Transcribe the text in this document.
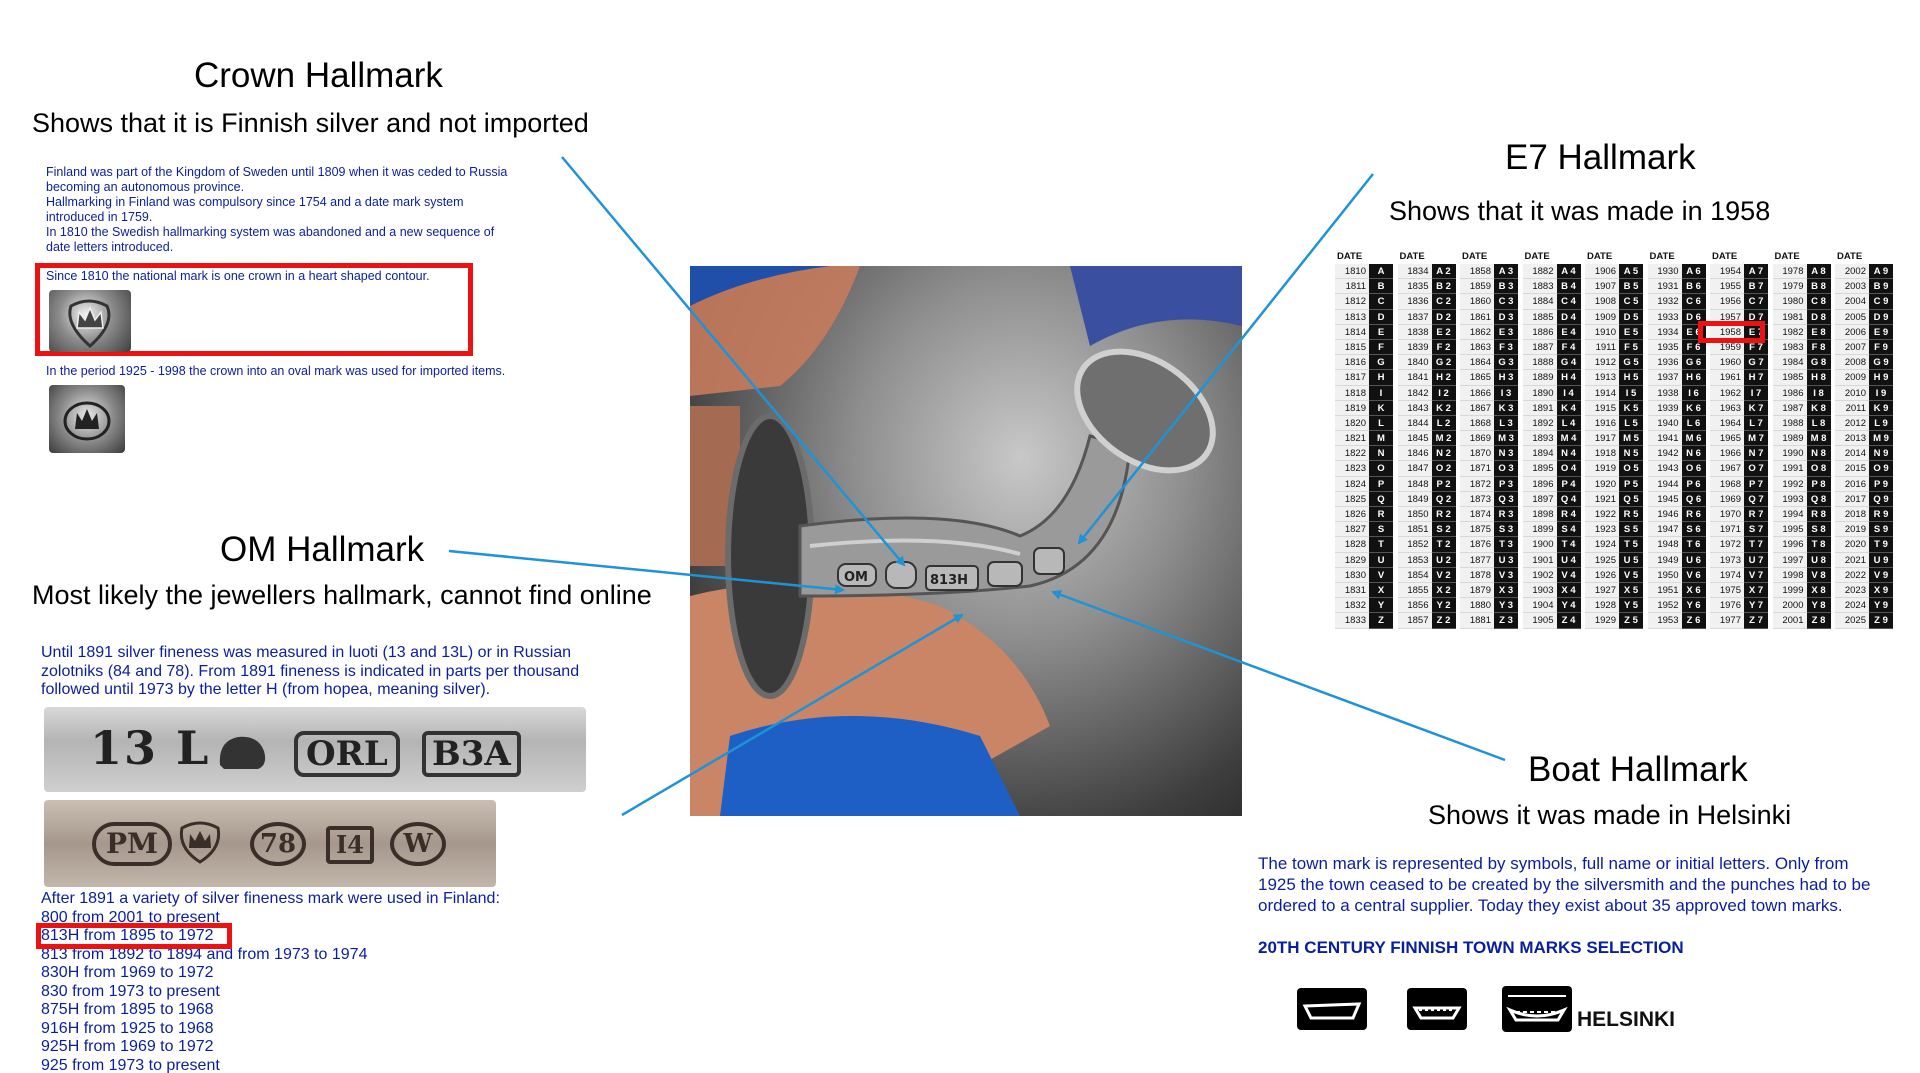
Crown Hallmark
Shows that it is Finnish silver and not imported
Finland was part of the Kingdom of Sweden until 1809 when it was ceded to Russia
becoming an autonomous province.
Hallmarking in Finland was compulsory since 1754 and a date mark system
introduced in 1759.
In 1810 the Swedish hallmarking system was abandoned and a new sequence of
date letters introduced.
Since 1810 the national mark is one crown in a heart shaped contour.
In the period 1925 - 1998 the crown into an oval mark was used for imported items.
OM Hallmark
Most likely the jewellers hallmark, cannot find online
Until 1891 silver fineness was measured in luoti (13 and 13L) or in Russian
zolotniks (84 and 78). From 1891 fineness is indicated in parts per thousand
followed until 1973 by the letter H (from hopea, meaning silver).
13 L	ORL	B3A
PM	78	I4	W
After 1891 a variety of silver fineness mark were used in Finland:
800 from 2001 to present
813H from 1895 to 1972
813 from 1892 to 1894 and from 1973 to 1974
830H from 1969 to 1972
830 from 1973 to present
875H from 1895 to 1968
916H from 1925 to 1968
925H from 1969 to 1972
925 from 1973 to present
OM	813H
E7 Hallmark
Shows that it was made in 1958
DATE
1810	A
1811	B
1812	C
1813	D
1814	E
1815	F
1816	G
1817	H
1818	I
1819	K
1820	L
1821	M
1822	N
1823	O
1824	P
1825	Q
1826	R
1827	S
1828	T
1829	U
1830	V
1831	X
1832	Y
1833	Z
DATE
1834 A 2
1835 B 2
1836 C 2
1837 D 2
1838 E 2
1839 F 2
1840 G 2
1841 H 2
1842	I 2
1843 K 2
1844 L 2
1845 M 2
1846 N 2
1847 O 2
1848 P 2
1849 Q 2
1850 R 2
1851 S 2
1852 T 2
1853 U 2
1854 V 2
1855 X 2
1856 Y 2
1857 Z 2
DATE
1858 A 3
1859 B 3
1860 C 3
1861 D 3
1862 E 3
1863 F 3
1864 G 3
1865 H 3
1866	I 3
1867 K 3
1868 L 3
1869 M 3
1870 N 3
1871 O 3
1872 P 3
1873 Q 3
1874 R 3
1875 S 3
1876 T 3
1877 U 3
1878 V 3
1879 X 3
1880 Y 3
1881 Z 3
DATE
1882 A 4
1883 B 4
1884 C 4
1885 D 4
1886 E 4
1887 F 4
1888 G 4
1889 H 4
1890	I 4
1891 K 4
1892 L 4
1893 M 4
1894 N 4
1895 O 4
1896 P 4
1897 Q 4
1898 R 4
1899 S 4
1900 T 4
1901 U 4
1902 V 4
1903 X 4
1904 Y 4
1905 Z 4
DATE
1906 A 5
1907 B 5
1908 C 5
1909 D 5
1910 E 5
1911 F 5
1912 G 5
1913 H 5
1914	I 5
1915 K 5
1916 L 5
1917 M 5
1918 N 5
1919 O 5
1920 P 5
1921 Q 5
1922 R 5
1923 S 5
1924 T 5
1925 U 5
1926 V 5
1927 X 5
1928 Y 5
1929 Z 5
DATE
1930 A 6
1931 B 6
1932 C 6
1933 D 6
1934 E 6
1935 F 6
1936 G 6
1937 H 6
1938	I 6
1939 K 6
1940 L 6
1941 M 6
1942 N 6
1943 O 6
1944 P 6
1945 Q 6
1946 R 6
1947 S 6
1948 T 6
1949 U 6
1950 V 6
1951 X 6
1952 Y 6
1953 Z 6
DATE
1954 A 7
1955 B 7
1956 C 7
1957 D 7
1958 E 7
1959 F 7
1960 G 7
1961 H 7
1962	I 7
1963 K 7
1964 L 7
1965 M 7
1966 N 7
1967 O 7
1968 P 7
1969 Q 7
1970 R 7
1971 S 7
1972 T 7
1973 U 7
1974 V 7
1975 X 7
1976 Y 7
1977 Z 7
DATE
1978 A 8
1979 B 8
1980 C 8
1981 D 8
1982 E 8
1983 F 8
1984 G 8
1985 H 8
1986	I 8
1987 K 8
1988 L 8
1989 M 8
1990 N 8
1991 O 8
1992 P 8
1993 Q 8
1994 R 8
1995 S 8
1996 T 8
1997 U 8
1998 V 8
1999 X 8
2000 Y 8
2001 Z 8
DATE
2002 A 9
2003 B 9
2004 C 9
2005 D 9
2006 E 9
2007 F 9
2008 G 9
2009 H 9
2010	I 9
2011 K 9
2012 L 9
2013 M 9
2014 N 9
2015 O 9
2016 P 9
2017 Q 9
2018 R 9
2019 S 9
2020 T 9
2021 U 9
2022 V 9
2023 X 9
2024 Y 9
2025 Z 9
Boat Hallmark
Shows it was made in Helsinki
The town mark is represented by symbols, full name or initial letters. Only from
1925 the town ceased to be created by the silversmith and the punches had to be
ordered to a central supplier. Today they exist about 35 approved town marks.
20TH CENTURY FINNISH TOWN MARKS SELECTION
HELSINKI
